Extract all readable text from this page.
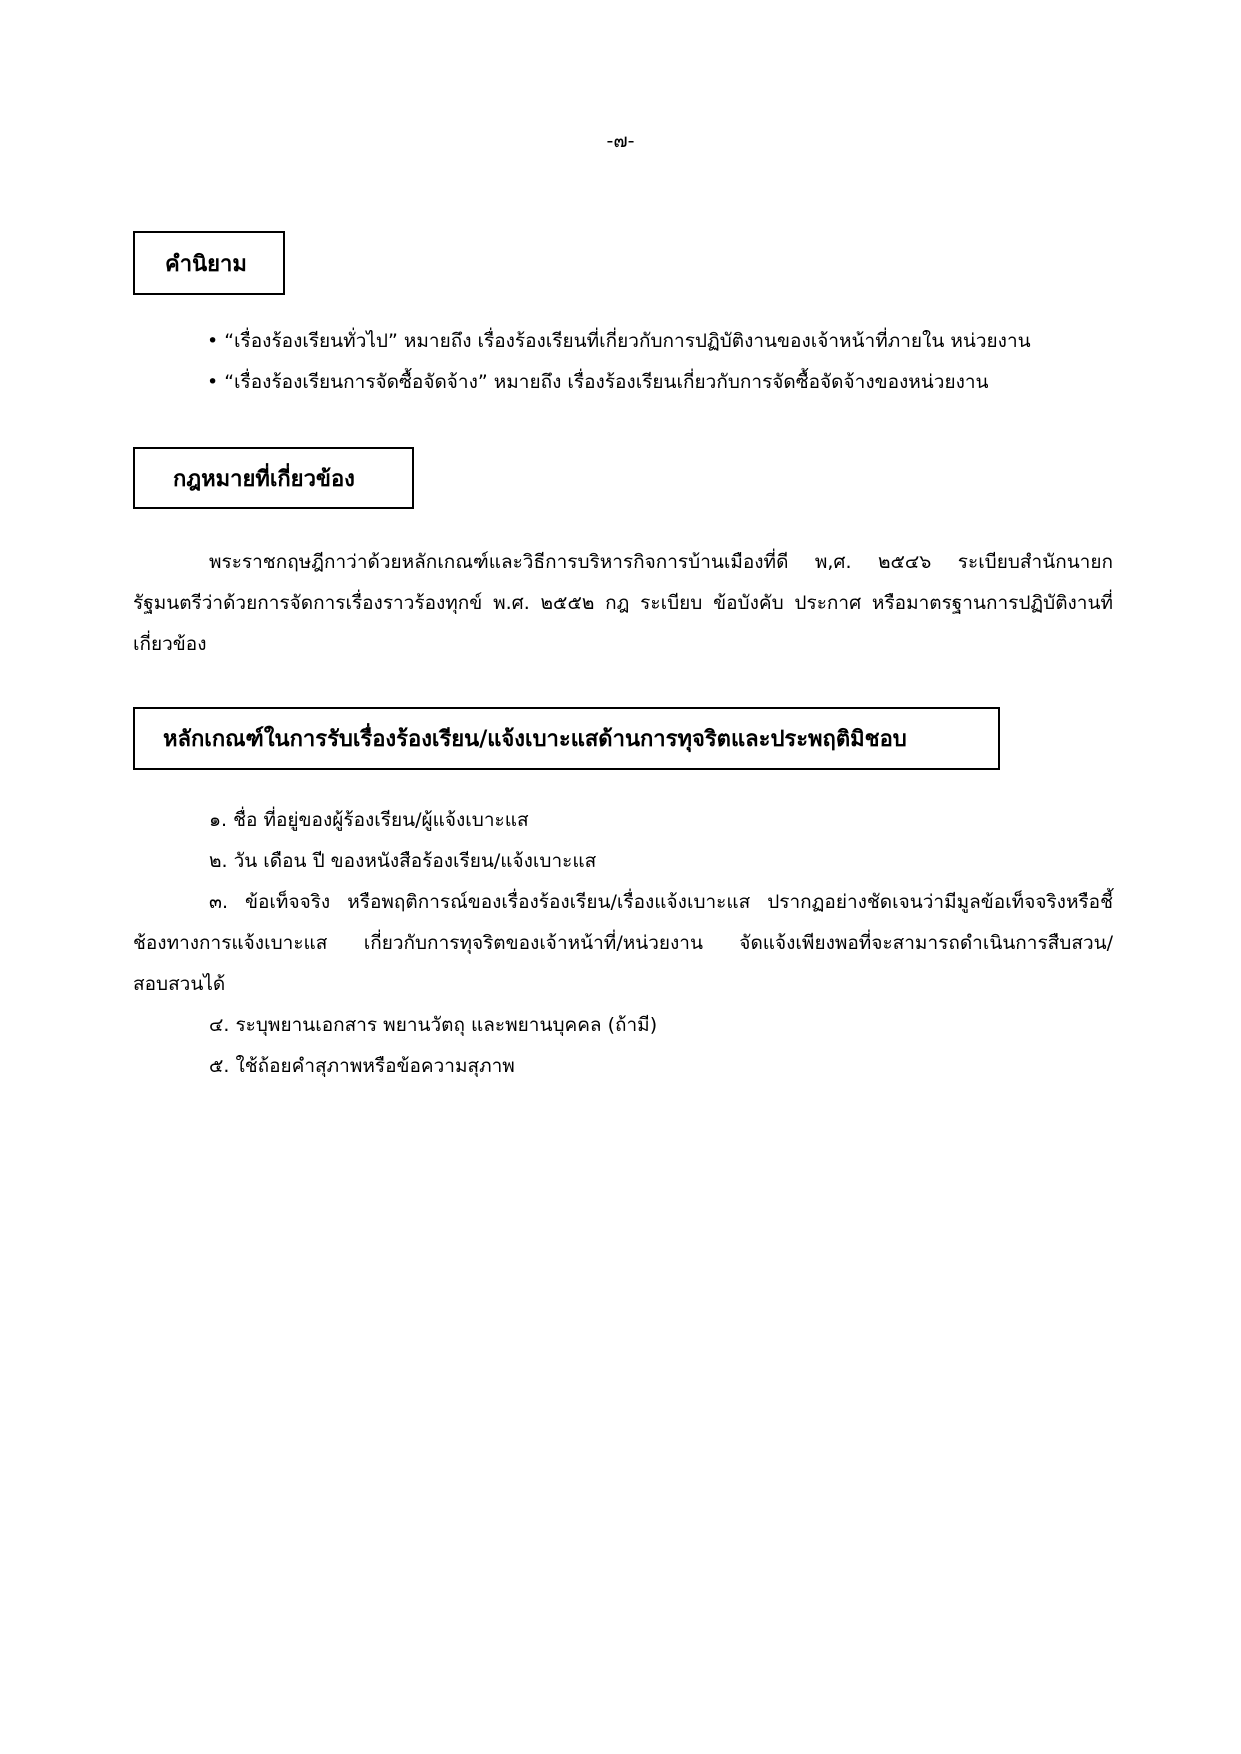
-๗-
คำนิยาม
• “เรื่องร้องเรียนทั่วไป” หมายถึง เรื่องร้องเรียนที่เกี่ยวกับการปฏิบัติงานของเจ้าหน้าที่ภายใน หน่วยงาน
• “เรื่องร้องเรียนการจัดซื้อจัดจ้าง” หมายถึง เรื่องร้องเรียนเกี่ยวกับการจัดซื้อจัดจ้างของหน่วยงาน
กฎหมายที่เกี่ยวข้อง

พระราชกฤษฎีกาว่าด้วยหลักเกณฑ์และวิธีการบริหารกิจการบ้านเมืองที่ดี พ,ศ. ๒๕๔๖ ระเบียบสำนักนายกรัฐมนตรีว่าด้วยการจัดการเรื่องราวร้องทุกข์ พ.ศ. ๒๕๕๒ กฎ ระเบียบ ข้อบังคับ ประกาศ หรือมาตรฐานการปฏิบัติงานที่เกี่ยวข้อง

หลักเกณฑ์ในการรับเรื่องร้องเรียน/แจ้งเบาะแสด้านการทุจริตและประพฤติมิชอบ
๑. ชื่อ ที่อยู่ของผู้ร้องเรียน/ผู้แจ้งเบาะแส
๒. วัน เดือน ปี ของหนังสือร้องเรียน/แจ้งเบาะแส
๓. ข้อเท็จจริง หรือพฤติการณ์ของเรื่องร้องเรียน/เรื่องแจ้งเบาะแส ปรากฏอย่างชัดเจนว่ามีมูลข้อเท็จจริงหรือชี้ช้องทางการแจ้งเบาะแส เกี่ยวกับการทุจริตของเจ้าหน้าที่/หน่วยงาน จัดแจ้งเพียงพอที่จะสามารถดำเนินการสืบสวน/สอบสวนได้
๔. ระบุพยานเอกสาร พยานวัตถุ และพยานบุคคล (ถ้ามี)
๕. ใช้ถ้อยคำสุภาพหรือข้อความสุภาพ
